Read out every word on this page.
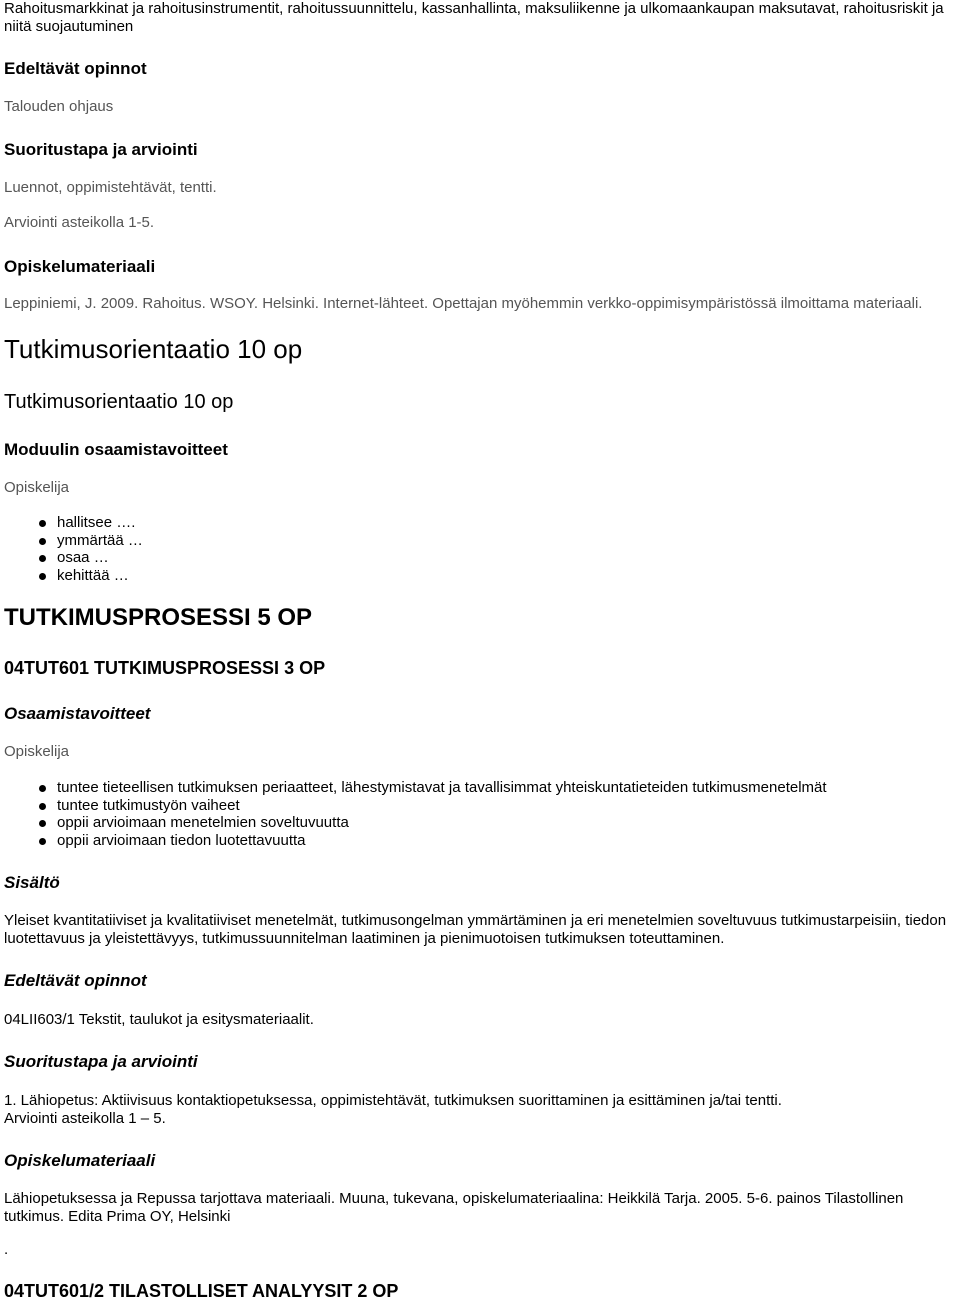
Rahoitusmarkkinat ja rahoitusinstrumentit, rahoitussuunnittelu, kassanhallinta, maksuliikenne ja ulkomaankaupan maksutavat, rahoitusriskit ja niitä suojautuminen
Edeltävät opinnot
Talouden ohjaus
Suoritustapa ja arviointi
Luennot, oppimistehtävät, tentti.
Arviointi asteikolla 1-5.
Opiskelumateriaali
Leppiniemi, J. 2009. Rahoitus. WSOY. Helsinki. Internet-lähteet. Opettajan myöhemmin verkko-oppimisympäristössä ilmoittama materiaali.
Tutkimusorientaatio 10 op
Tutkimusorientaatio 10 op
Moduulin osaamistavoitteet
Opiskelija
hallitsee ….
ymmärtää …
osaa …
kehittää …
TUTKIMUSPROSESSI 5 OP
04TUT601 TUTKIMUSPROSESSI 3 OP
Osaamistavoitteet
Opiskelija
tuntee tieteellisen tutkimuksen periaatteet, lähestymistavat ja tavallisimmat yhteiskuntatieteiden tutkimusmenetelmät
tuntee tutkimustyön vaiheet
oppii arvioimaan menetelmien soveltuvuutta
oppii arvioimaan tiedon luotettavuutta
Sisältö
Yleiset kvantitatiiviset ja kvalitatiiviset menetelmät, tutkimusongelman ymmärtäminen ja eri menetelmien soveltuvuus tutkimustarpeisiin, tiedon luotettavuus ja yleistettävyys, tutkimussuunnitelman laatiminen ja pienimuotoisen tutkimuksen toteuttaminen.
Edeltävät opinnot
04LII603/1 Tekstit, taulukot ja esitysmateriaalit.
Suoritustapa ja arviointi
1. Lähiopetus: Aktiivisuus kontaktiopetuksessa, oppimistehtävät, tutkimuksen suorittaminen ja esittäminen ja/tai tentti.
Arviointi asteikolla 1 – 5.
Opiskelumateriaali
Lähiopetuksessa ja Repussa tarjottava materiaali. Muuna, tukevana, opiskelumateriaalina: Heikkilä Tarja. 2005. 5-6. painos Tilastollinen tutkimus. Edita Prima OY, Helsinki
.
04TUT601/2 TILASTOLLISET ANALYYSIT 2 OP
